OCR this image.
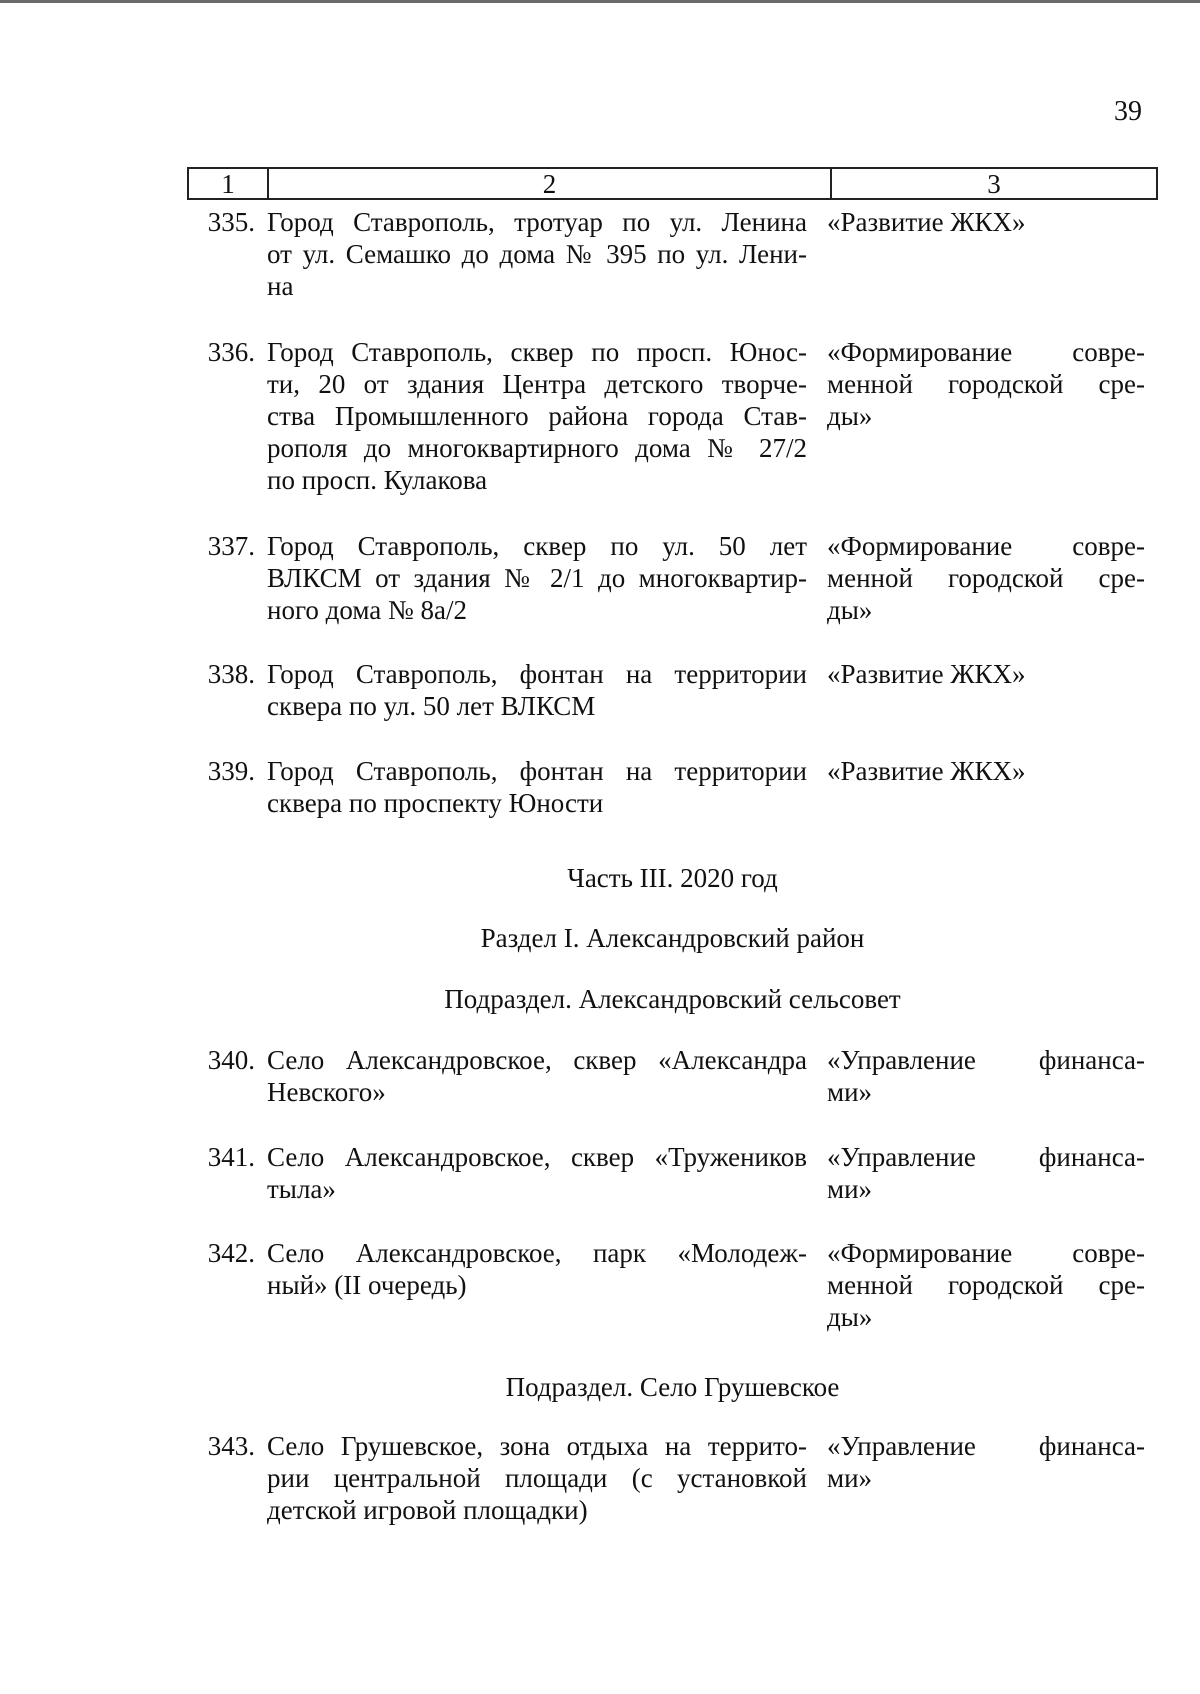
39
1	2	3
335. Город Ставрополь, тротуар по ул. Ленина
от ул. Семашко до дома № 395 по ул. Лени-
на
«Развитие ЖКХ»
336. Город Ставрополь, сквер по просп. Юнос-
ти, 20 от здания Центра детского творче-
ства Промышленного района города Став-
рополя до многоквартирного дома № 27/2
по просп. Кулакова
«Формирование совре-
менной городской сре-
ды»
337. Город Ставрополь, сквер по ул. 50 лет
ВЛКСМ от здания № 2/1 до многоквартир-
ного дома № 8а/2
«Формирование совре-
менной городской сре-
ды»
338. Город Ставрополь, фонтан на территории
сквера по ул. 50 лет ВЛКСМ
«Развитие ЖКХ»
339. Город Ставрополь, фонтан на территории
сквера по проспекту Юности
«Развитие ЖКХ»
340. Село Александровское, сквер «Александра
Невского»
«Управление финанса-
ми»
341. Село Александровское, сквер «Тружеников
тыла»
«Управление финанса-
ми»
342. Село Александровское, парк «Молодеж-
ный» (II очередь)
«Формирование совре-
менной городской сре-
ды»
343. Село Грушевское, зона отдыха на террито-
рии центральной площади (с установкой
детской игровой площадки)
«Управление финанса-
ми»
Часть III. 2020 год
Раздел I. Александровский район
Подраздел. Александровский сельсовет
Подраздел. Село Грушевское
